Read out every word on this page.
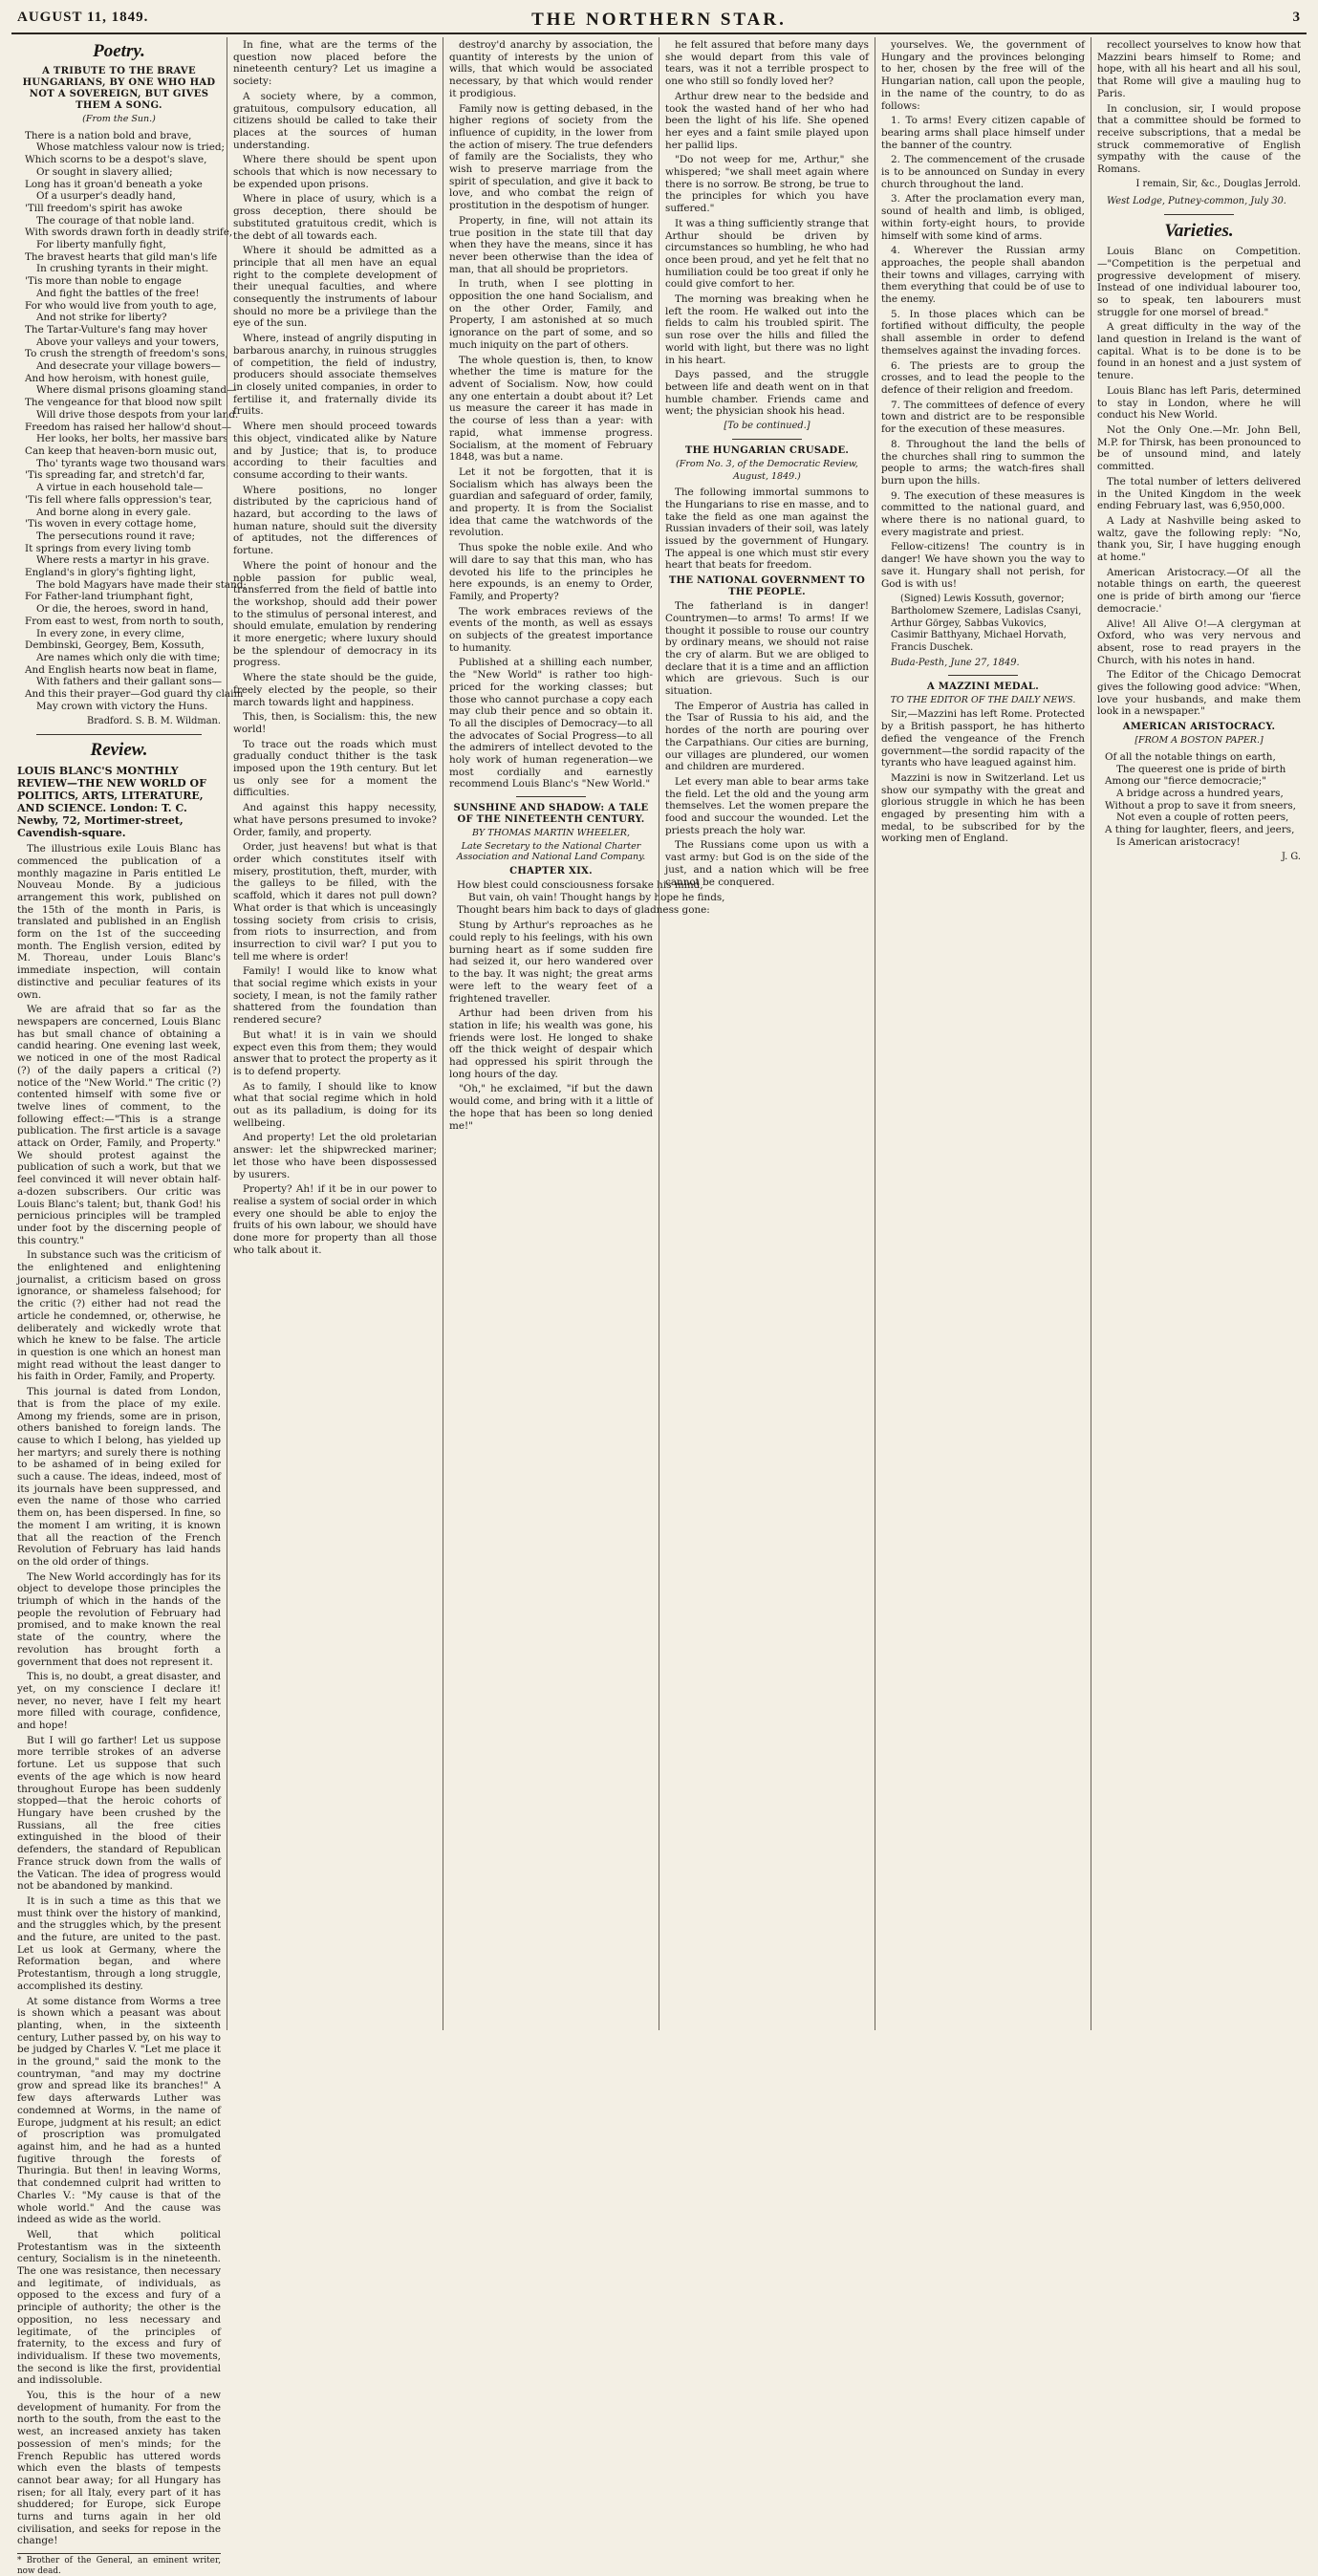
AUGUST 11, 1849.	THE NORTHERN STAR.	3
Poetry.
A TRIBUTE TO THE BRAVE HUNGARIANS, BY ONE WHO HAD NOT A SOVEREIGN, BUT GIVES THEM A SONG.
(From the Sun.)
There is a nation bold and brave,
Whose matchless valour now is tried;
Which scorns to be a despot's slave,
Or sought in slavery allied;
Long has it groan'd beneath a yoke
Of a usurper's deadly hand,
'Till freedom's spirit has awoke
The courage of that noble land.
With swords drawn forth in deadly strife,
For liberty manfully fight,
The bravest hearts that gild man's life
In crushing tyrants in their might.
'Tis more than noble to engage
And fight the battles of the free!
For who would live from youth to age,
And not strike for liberty?
The Tartar-Vulture's fang may hover
Above your valleys and your towers,
To crush the strength of freedom's sons,
And desecrate your village bowers—
And how heroism, with honest guile,
Where dismal prisons gloaming stand—
The vengeance for that blood now spilt
Will drive those despots from your land.
Freedom has raised her hallow'd shout—
Her looks, her bolts, her massive bars
Can keep that heaven-born music out,
Tho' tyrants wage two thousand wars.
'Tis spreading far, and stretch'd far,
A virtue in each household tale—
'Tis fell where falls oppression's tear,
And borne along in every gale.
'Tis woven in every cottage home,
The persecutions round it rave;
It springs from every living tomb
Where rests a martyr in his grave.
England's in glory's fighting light,
The bold Magyars have made their stand;
For Father-land triumphant fight,
Or die, the heroes, sword in hand,
From east to west, from north to south,
In every zone, in every clime,
Dembinski, Georgey, Bem, Kossuth,
Are names which only die with time;
And English hearts now beat in flame,
With fathers and their gallant sons—
And this their prayer—God guard thy claim
May crown with victory the Huns.
Bradford. S. B. M. Wildman.
Review.
LOUIS BLANC'S MONTHLY REVIEW—THE NEW WORLD OF POLITICS, ARTS, LITERATURE, AND SCIENCE. London: T. C. Newby, 72, Mortimer-street, Cavendish-square.

The illustrious exile Louis Blanc has commenced the publication of a monthly magazine in Paris entitled Le Nouveau Monde. By a judicious arrangement this work, published on the 15th of the month in Paris, is translated and published in an English form on the 1st of the succeeding month. The English version, edited by M. Thoreau, under Louis Blanc's immediate inspection, will contain distinctive and peculiar features of its own.

We are afraid that so far as the newspapers are concerned, Louis Blanc has but small chance of obtaining a candid hearing. One evening last week, we noticed in one of the most Radical (?) of the daily papers a critical (?) notice of the "New World." The critic (?) contented himself with some five or twelve lines of comment, to the following effect:—"This is a strange publication. The first article is a savage attack on Order, Family, and Property." We should protest against the publication of such a work, but that we feel convinced it will never obtain half-a-dozen subscribers. Our critic was Louis Blanc's talent; but, thank God! his pernicious principles will be trampled under foot by the discerning people of this country."

In substance such was the criticism of the enlightened and enlightening journalist, a criticism based on gross ignorance, or shameless falsehood; for the critic (?) either had not read the article he condemned, or, otherwise, he deliberately and wickedly wrote that which he knew to be false. The article in question is one which an honest man might read without the least danger to his faith in Order, Family, and Property.

This journal is dated from London, that is from the place of my exile. Among my friends, some are in prison, others banished to foreign lands. The cause to which I belong, has yielded up her martyrs; and surely there is nothing to be ashamed of in being exiled for such a cause. The ideas, indeed, most of its journals have been suppressed, and even the name of those who carried them on, has been dispersed. In fine, so the moment I am writing, it is known that all the reaction of the French Revolution of February has laid hands on the old order of things.

The New World accordingly has for its object to develope those principles the triumph of which in the hands of the people the revolution of February had promised, and to make known the real state of the country, where the revolution has brought forth a government that does not represent it.

This is, no doubt, a great disaster, and yet, on my conscience I declare it! never, no never, have I felt my heart more filled with courage, confidence, and hope!

But I will go farther! Let us suppose more terrible strokes of an adverse fortune. Let us suppose that such events of the age which is now heard throughout Europe has been suddenly stopped—that the heroic cohorts of Hungary have been crushed by the Russians, all the free cities extinguished in the blood of their defenders, the standard of Republican France struck down from the walls of the Vatican. The idea of progress would not be abandoned by mankind.

It is in such a time as this that we must think over the history of mankind, and the struggles which, by the present and the future, are united to the past. Let us look at Germany, where the Reformation began, and where Protestantism, through a long struggle, accomplished its destiny.

At some distance from Worms a tree is shown which a peasant was about planting, when, in the sixteenth century, Luther passed by, on his way to be judged by Charles V. "Let me place it in the ground," said the monk to the countryman, "and may my doctrine grow and spread like its branches!" A few days afterwards Luther was condemned at Worms, in the name of Europe, judgment at his result; an edict of proscription was promulgated against him, and he had as a hunted fugitive through the forests of Thuringia. But then! in leaving Worms, that condemned culprit had written to Charles V.: "My cause is that of the whole world." And the cause was indeed as wide as the world.

Well, that which political Protestantism was in the sixteenth century, Socialism is in the nineteenth. The one was resistance, then necessary and legitimate, of individuals, as opposed to the excess and fury of a principle of authority; the other is the opposition, no less necessary and legitimate, of the principles of fraternity, to the excess and fury of individualism. If these two movements, the second is like the first, providential and indissoluble.

You, this is the hour of a new development of humanity. For from the north to the south, from the east to the west, an increased anxiety has taken possession of men's minds; for the French Republic has uttered words which even the blasts of tempests cannot bear away; for all Hungary has risen; for all Italy, every part of it has shuddered; for Europe, sick Europe turns and turns again in her old civilisation, and seeks for repose in the change!

* Brother of the General, an eminent writer, now dead.

In fine, what are the terms of the question now placed before the nineteenth century? Let us imagine a society:

A society where, by a common, gratuitous, compulsory education, all citizens should be called to take their places at the sources of human understanding.

Where there should be spent upon schools that which is now necessary to be expended upon prisons.

Where in place of usury, which is a gross deception, there should be substituted gratuitous credit, which is the debt of all towards each.

Where it should be admitted as a principle that all men have an equal right to the complete development of their unequal faculties, and where consequently the instruments of labour should no more be a privilege than the eye of the sun.

Where, instead of angrily disputing in barbarous anarchy, in ruinous struggles of competition, the field of industry, producers should associate themselves in closely united companies, in order to fertilise it, and fraternally divide its fruits.

Where men should proceed towards this object, vindicated alike by Nature and by Justice; that is, to produce according to their faculties and consume according to their wants.

Where positions, no longer distributed by the capricious hand of hazard, but according to the laws of human nature, should suit the diversity of aptitudes, not the differences of fortune.

Where the point of honour and the noble passion for public weal, transferred from the field of battle into the workshop, should add their power to the stimulus of personal interest, and should emulate, emulation by rendering it more energetic; where luxury should be the splendour of democracy in its progress.

Where the state should be the guide, freely elected by the people, so their march towards light and happiness.

This, then, is Socialism: this, the new world!

To trace out the roads which must gradually conduct thither is the task imposed upon the 19th century. But let us only see for a moment the difficulties.

And against this happy necessity, what have persons presumed to invoke? Order, family, and property.

Order, just heavens! but what is that order which constitutes itself with misery, prostitution, theft, murder, with the galleys to be filled, with the scaffold, which it dares not pull down? What order is that which is unceasingly tossing society from crisis to crisis, from riots to insurrection, and from insurrection to civil war? I put you to tell me where is order!

Family! I would like to know what that social regime which exists in your society, I mean, is not the family rather shattered from the foundation than rendered secure?

But what! it is in vain we should expect even this from them; they would answer that to protect the property as it is to defend property.

As to family, I should like to know what that social regime which in hold out as its palladium, is doing for its wellbeing.

And property! Let the old proletarian answer: let the shipwrecked mariner; let those who have been dispossessed by usurers.

Property? Ah! if it be in our power to realise a system of social order in which every one should be able to enjoy the fruits of his own labour, we should have done more for property than all those who talk about it.

destroy'd anarchy by association, the quantity of interests by the union of wills, that which would be associated necessary, by that which would render it prodigious.

Family now is getting debased, in the higher regions of society from the influence of cupidity, in the lower from the action of misery. The true defenders of family are the Socialists, they who wish to preserve marriage from the spirit of speculation, and give it back to love, and who combat the reign of prostitution in the despotism of hunger.

Property, in fine, will not attain its true position in the state till that day when they have the means, since it has never been otherwise than the idea of man, that all should be proprietors.

In truth, when I see plotting in opposition the one hand Socialism, and on the other Order, Family, and Property, I am astonished at so much ignorance on the part of some, and so much iniquity on the part of others.

The whole question is, then, to know whether the time is mature for the advent of Socialism. Now, how could any one entertain a doubt about it? Let us measure the career it has made in the course of less than a year: with rapid, what immense progress. Socialism, at the moment of February 1848, was but a name.

Let it not be forgotten, that it is Socialism which has always been the guardian and safeguard of order, family, and property. It is from the Socialist idea that came the watchwords of the revolution.

Thus spoke the noble exile. And who will dare to say that this man, who has devoted his life to the principles he here expounds, is an enemy to Order, Family, and Property?

The work embraces reviews of the events of the month, as well as essays on subjects of the greatest importance to humanity.

Published at a shilling each number, the "New World" is rather too high-priced for the working classes; but those who cannot purchase a copy each may club their pence and so obtain it. To all the disciples of Democracy—to all the advocates of Social Progress—to all the admirers of intellect devoted to the holy work of human regeneration—we most cordially and earnestly recommend Louis Blanc's "New World."

SUNSHINE AND SHADOW: A TALE OF THE NINETEENTH CENTURY.
BY THOMAS MARTIN WHEELER,
Late Secretary to the National Charter Association and National Land Company.
CHAPTER XIX.
How blest could consciousness forsake his mind,
But vain, oh vain! Thought hangs by hope he finds,
Thought bears him back to days of gladness gone:

Stung by Arthur's reproaches as he could reply to his feelings, with his own burning heart as if some sudden fire had seized it, our hero wandered over to the bay. It was night; the great arms were left to the weary feet of a frightened traveller.

Arthur had been driven from his station in life; his wealth was gone, his friends were lost. He longed to shake off the thick weight of despair which had oppressed his spirit through the long hours of the day.

"Oh," he exclaimed, "if but the dawn would come, and bring with it a little of the hope that has been so long denied me!"

he felt assured that before many days she would depart from this vale of tears, was it not a terrible prospect to one who still so fondly loved her?

Arthur drew near to the bedside and took the wasted hand of her who had been the light of his life. She opened her eyes and a faint smile played upon her pallid lips.

"Do not weep for me, Arthur," she whispered; "we shall meet again where there is no sorrow. Be strong, be true to the principles for which you have suffered."

It was a thing sufficiently strange that Arthur should be driven by circumstances so humbling, he who had once been proud, and yet he felt that no humiliation could be too great if only he could give comfort to her.

The morning was breaking when he left the room. He walked out into the fields to calm his troubled spirit. The sun rose over the hills and filled the world with light, but there was no light in his heart.

Days passed, and the struggle between life and death went on in that humble chamber. Friends came and went; the physician shook his head.

[To be continued.]
THE HUNGARIAN CRUSADE.
(From No. 3, of the Democratic Review, August, 1849.)

The following immortal summons to the Hungarians to rise en masse, and to take the field as one man against the Russian invaders of their soil, was lately issued by the government of Hungary. The appeal is one which must stir every heart that beats for freedom.

THE NATIONAL GOVERNMENT TO THE PEOPLE.

The fatherland is in danger! Countrymen—to arms! To arms! If we thought it possible to rouse our country by ordinary means, we should not raise the cry of alarm. But we are obliged to declare that it is a time and an affliction which are grievous. Such is our situation.

The Emperor of Austria has called in the Tsar of Russia to his aid, and the hordes of the north are pouring over the Carpathians. Our cities are burning, our villages are plundered, our women and children are murdered.

Let every man able to bear arms take the field. Let the old and the young arm themselves. Let the women prepare the food and succour the wounded. Let the priests preach the holy war.

The Russians come upon us with a vast army: but God is on the side of the just, and a nation which will be free cannot be conquered.

yourselves. We, the government of Hungary and the provinces belonging to her, chosen by the free will of the Hungarian nation, call upon the people, in the name of the country, to do as follows:

1. To arms! Every citizen capable of bearing arms shall place himself under the banner of the country.

2. The commencement of the crusade is to be announced on Sunday in every church throughout the land.

3. After the proclamation every man, sound of health and limb, is obliged, within forty-eight hours, to provide himself with some kind of arms.

4. Wherever the Russian army approaches, the people shall abandon their towns and villages, carrying with them everything that could be of use to the enemy.

5. In those places which can be fortified without difficulty, the people shall assemble in order to defend themselves against the invading forces.

6. The priests are to group the crosses, and to lead the people to the defence of their religion and freedom.

7. The committees of defence of every town and district are to be responsible for the execution of these measures.

8. Throughout the land the bells of the churches shall ring to summon the people to arms; the watch-fires shall burn upon the hills.

9. The execution of these measures is committed to the national guard, and where there is no national guard, to every magistrate and priest.

Fellow-citizens! The country is in danger! We have shown you the way to save it. Hungary shall not perish, for God is with us!

(Signed) Lewis Kossuth, governor; Bartholomew Szemere, Ladislas Csanyi, Arthur Görgey, Sabbas Vukovics, Casimir Batthyany, Michael Horvath, Francis Duschek.

Buda-Pesth, June 27, 1849.
A MAZZINI MEDAL.
TO THE EDITOR OF THE DAILY NEWS.

Sir,—Mazzini has left Rome. Protected by a British passport, he has hitherto defied the vengeance of the French government—the sordid rapacity of the tyrants who have leagued against him.

Mazzini is now in Switzerland. Let us show our sympathy with the great and glorious struggle in which he has been engaged by presenting him with a medal, to be subscribed for by the working men of England.

recollect yourselves to know how that Mazzini bears himself to Rome; and hope, with all his heart and all his soul, that Rome will give a mauling hug to Paris.

In conclusion, sir, I would propose that a committee should be formed to receive subscriptions, that a medal be struck commemorative of English sympathy with the cause of the Romans.

I remain, Sir, &c., Douglas Jerrold.
West Lodge, Putney-common, July 30.
Varieties.

Louis Blanc on Competition.—"Competition is the perpetual and progressive development of misery. Instead of one individual labourer too, so to speak, ten labourers must struggle for one morsel of bread."

A great difficulty in the way of the land question in Ireland is the want of capital. What is to be done is to be found in an honest and a just system of tenure.

Louis Blanc has left Paris, determined to stay in London, where he will conduct his New World.

Not the Only One.—Mr. John Bell, M.P. for Thirsk, has been pronounced to be of unsound mind, and lately committed.

The total number of letters delivered in the United Kingdom in the week ending February last, was 6,950,000.

A Lady at Nashville being asked to waltz, gave the following reply: "No, thank you, Sir, I have hugging enough at home."

American Aristocracy.—Of all the notable things on earth, the queerest one is pride of birth among our 'fierce democracie.'

Alive! All Alive O!—A clergyman at Oxford, who was very nervous and absent, rose to read prayers in the Church, with his notes in hand.

The Editor of the Chicago Democrat gives the following good advice: "When, love your husbands, and make them look in a newspaper."

AMERICAN ARISTOCRACY.
[FROM A BOSTON PAPER.]
Of all the notable things on earth,
The queerest one is pride of birth
Among our "fierce democracie;"
A bridge across a hundred years,
Without a prop to save it from sneers,
Not even a couple of rotten peers,
A thing for laughter, fleers, and jeers,
Is American aristocracy!
J. G.
